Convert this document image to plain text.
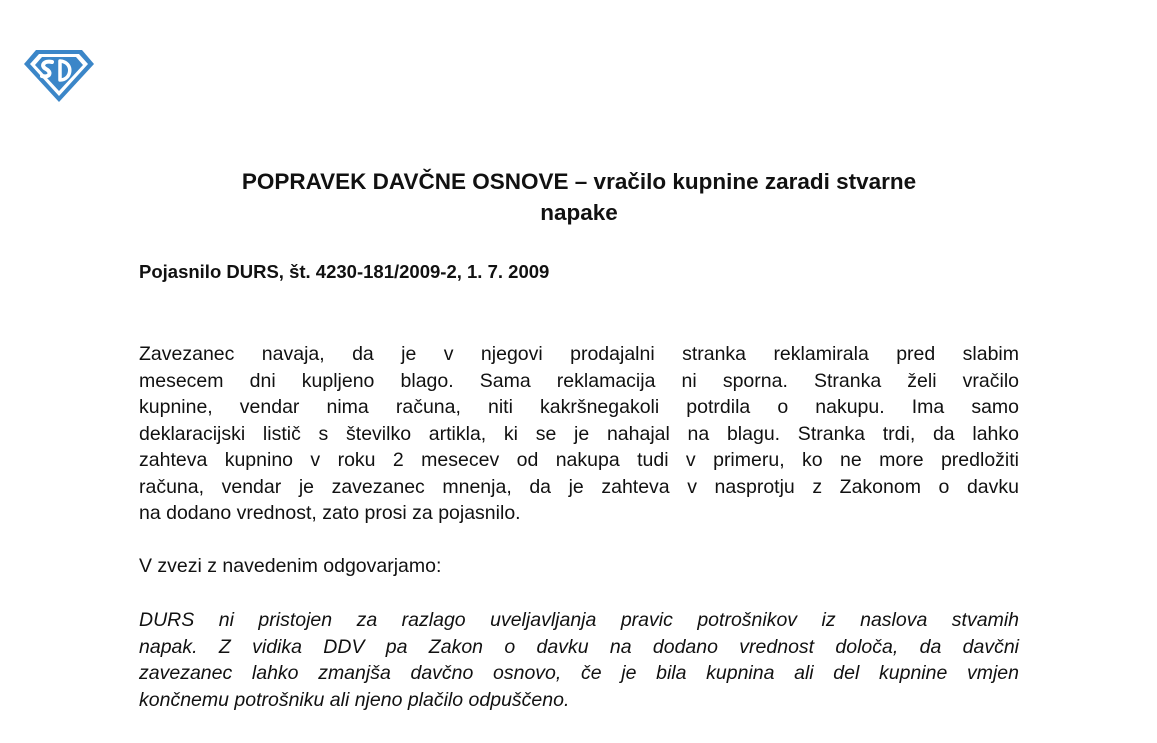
POPRAVEK DAVČNE OSNOVE – vračilo kupnine zaradi stvarne
napake

Pojasnilo DURS, št. 4230-181/2009-2, 1. 7. 2009

Zavezanec navaja, da je v njegovi prodajalni stranka reklamirala pred slabim
mesecem dni kupljeno blago. Sama reklamacija ni sporna. Stranka želi vračilo
kupnine, vendar nima računa, niti kakršnegakoli potrdila o nakupu. Ima samo
deklaracijski listič s številko artikla, ki se je nahajal na blagu. Stranka trdi, da lahko
zahteva kupnino v roku 2 mesecev od nakupa tudi v primeru, ko ne more predložiti
računa, vendar je zavezanec mnenja, da je zahteva v nasprotju z Zakonom o davku
na dodano vrednost, zato prosi za pojasnilo.

V zvezi z navedenim odgovarjamo:

DURS ni pristojen za razlago uveljavljanja pravic potrošnikov iz naslova stvamih
napak. Z vidika DDV pa Zakon o davku na dodano vrednost določa, da davčni
zavezanec lahko zmanjša davčno osnovo, če je bila kupnina ali del kupnine vmjen
končnemu potrošniku ali njeno plačilo odpuščeno.
